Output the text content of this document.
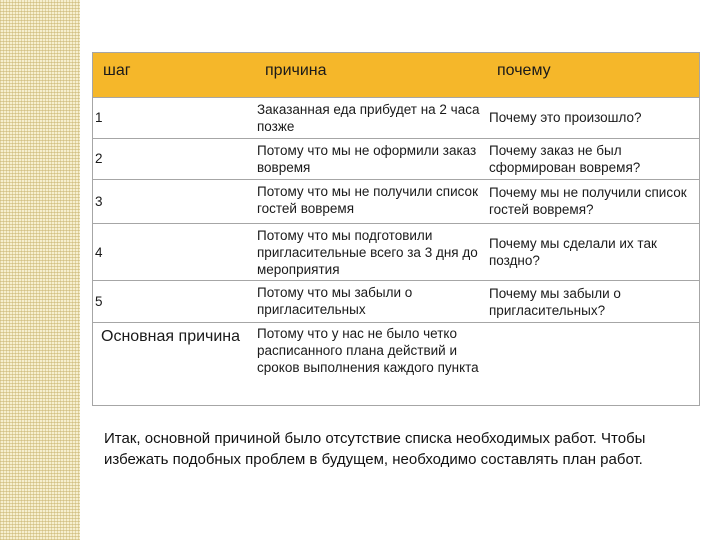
шаг	причина	почему
1	Заказанная еда прибудет на 2 часа позже	Почему это произошло?
2	Потому что мы не оформили заказ вовремя	Почему заказ не был сформирован вовремя?
3	Потому что мы не получили список гостей вовремя	Почему мы не получили список гостей вовремя?
4	Потому что мы подготовили пригласительные всего за 3 дня до мероприятия	Почему мы сделали их так поздно?
5	Потому что мы забыли о пригласительных	Почему мы забыли о пригласительных?
Основная причина	Потому что у нас не было четко расписанного плана действий и сроков выполнения каждого пункта	
Итак, основной причиной было отсутствие списка необходимых работ. Чтобы избежать подобных проблем в будущем, необходимо составлять план работ.
